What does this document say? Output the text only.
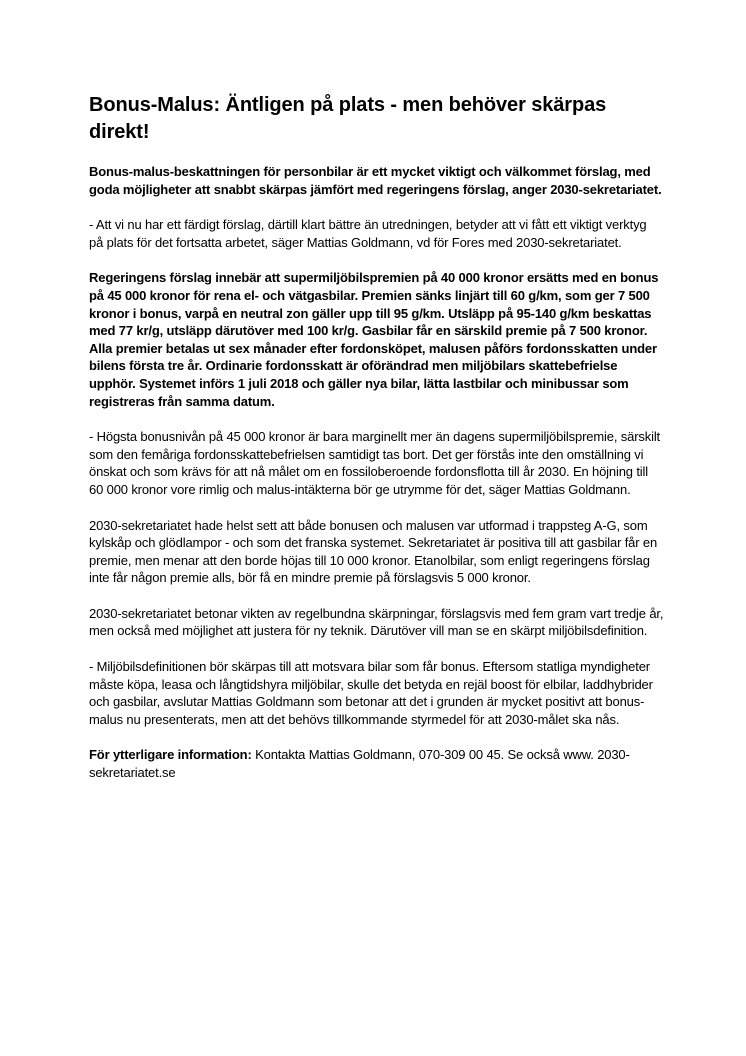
Bonus-Malus: Äntligen på plats - men behöver skärpas direkt!

Bonus-malus-beskattningen för personbilar är ett mycket viktigt och välkommet förslag, med goda möjligheter att snabbt skärpas jämfört med regeringens förslag, anger 2030-sekretariatet.

- Att vi nu har ett färdigt förslag, därtill klart bättre än utredningen, betyder att vi fått ett viktigt verktyg på plats för det fortsatta arbetet, säger Mattias Goldmann, vd för Fores med 2030-sekretariatet.

Regeringens förslag innebär att supermiljöbilspremien på 40 000 kronor ersätts med en bonus på 45 000 kronor för rena el- och vätgasbilar. Premien sänks linjärt till 60 g/km, som ger 7 500 kronor i bonus, varpå en neutral zon gäller upp till 95 g/km. Utsläpp på 95-140 g/km beskattas med 77 kr/g, utsläpp därutöver med 100 kr/g. Gasbilar får en särskild premie på 7 500 kronor. Alla premier betalas ut sex månader efter fordonsköpet, malusen påförs fordonsskatten under bilens första tre år. Ordinarie fordonsskatt är oförändrad men miljöbilars skattebefrielse upphör. Systemet införs 1 juli 2018 och gäller nya bilar, lätta lastbilar och minibussar som registreras från samma datum.

- Högsta bonusnivån på 45 000 kronor är bara marginellt mer än dagens supermiljöbilspremie, särskilt som den femåriga fordonsskattebefrielsen samtidigt tas bort. Det ger förstås inte den omställning vi önskat och som krävs för att nå målet om en fossiloberoende fordonsflotta till år 2030. En höjning till 60 000 kronor vore rimlig och malus-intäkterna bör ge utrymme för det, säger Mattias Goldmann.

2030-sekretariatet hade helst sett att både bonusen och malusen var utformad i trappsteg A-G, som kylskåp och glödlampor - och som det franska systemet. Sekretariatet är positiva till att gasbilar får en premie, men menar att den borde höjas till 10 000 kronor. Etanolbilar, som enligt regeringens förslag inte får någon premie alls, bör få en mindre premie på förslagsvis 5 000 kronor.

2030-sekretariatet betonar vikten av regelbundna skärpningar, förslagsvis med fem gram vart tredje år, men också med möjlighet att justera för ny teknik. Därutöver vill man se en skärpt miljöbilsdefinition.

- Miljöbilsdefinitionen bör skärpas till att motsvara bilar som får bonus. Eftersom statliga myndigheter måste köpa, leasa och långtidshyra miljöbilar, skulle det betyda en rejäl boost för elbilar, laddhybrider och gasbilar, avslutar Mattias Goldmann som betonar att det i grunden är mycket positivt att bonus-malus nu presenterats, men att det behövs tillkommande styrmedel för att 2030-målet ska nås.

För ytterligare information: Kontakta Mattias Goldmann, 070-309 00 45. Se också www. 2030-sekretariatet.se
